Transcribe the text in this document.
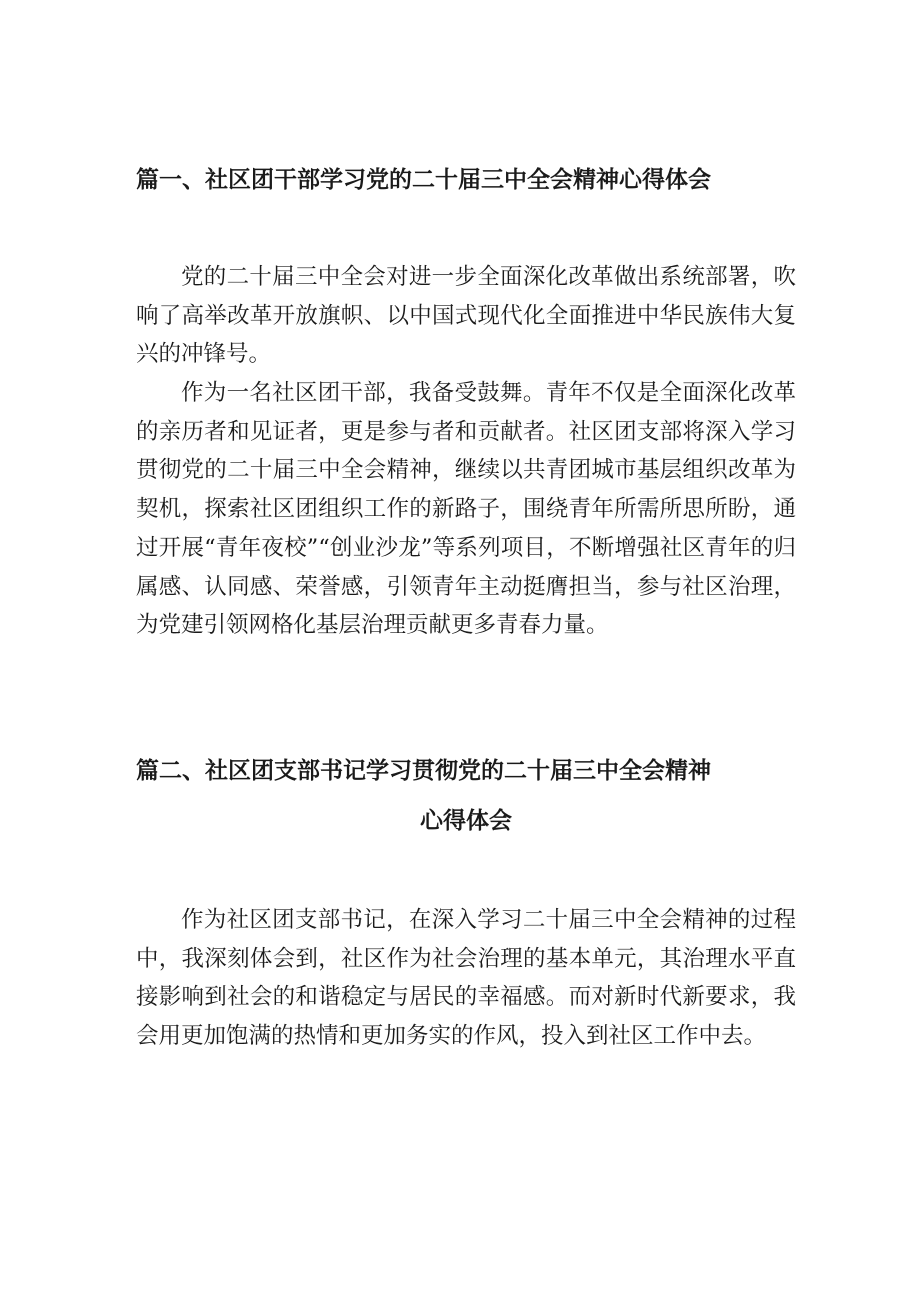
篇一、社区团干部学习党的二十届三中全会精神心得体会

党的二十届三中全会对进一步全面深化改革做出系统部署，吹响了高举改革开放旗帜、以中国式现代化全面推进中华民族伟大复兴的冲锋号。

作为一名社区团干部，我备受鼓舞。青年不仅是全面深化改革的亲历者和见证者，更是参与者和贡献者。社区团支部将深入学习贯彻党的二十届三中全会精神，继续以共青团城市基层组织改革为契机，探索社区团组织工作的新路子，围绕青年所需所思所盼，通过开展“青年夜校”“创业沙龙”等系列项目，不断增强社区青年的归属感、认同感、荣誉感，引领青年主动挺膺担当，参与社区治理，为党建引领网格化基层治理贡献更多青春力量。

篇二、社区团支部书记学习贯彻党的二十届三中全会精神
心得体会

作为社区团支部书记，在深入学习二十届三中全会精神的过程中，我深刻体会到，社区作为社会治理的基本单元，其治理水平直接影响到社会的和谐稳定与居民的幸福感。而对新时代新要求，我会用更加饱满的热情和更加务实的作风，投入到社区工作中去。
